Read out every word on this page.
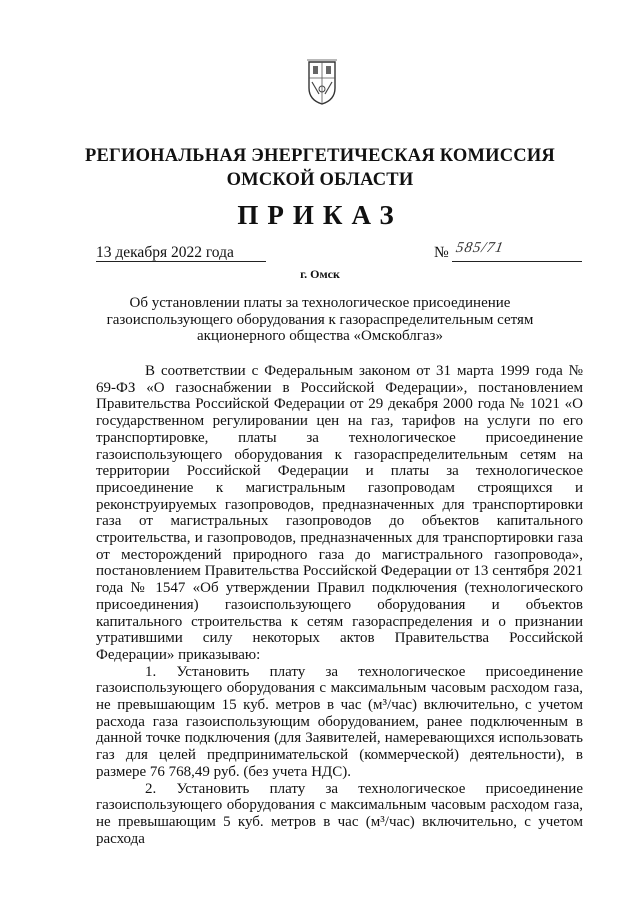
РЕГИОНАЛЬНАЯ ЭНЕРГЕТИЧЕСКАЯ КОМИССИЯ
ОМСКОЙ ОБЛАСТИ
ПРИКАЗ
13 декабря 2022 года	№ 585/71
г. Омск
Об установлении платы за технологическое присоединение газоиспользующего оборудования к газораспределительным сетям акционерного общества «Омскоблгаз»

В соответствии с Федеральным законом от 31 марта 1999 года № 69-ФЗ «О газоснабжении в Российской Федерации», постановлением Правительства Российской Федерации от 29 декабря 2000 года № 1021 «О государственном регулировании цен на газ, тарифов на услуги по его транспортировке, платы за технологическое присоединение газоиспользующего оборудования к газораспределительным сетям на территории Российской Федерации и платы за технологическое присоединение к магистральным газопроводам строящихся и реконструируемых газопроводов, предназначенных для транспортировки газа от магистральных газопроводов до объектов капитального строительства, и газопроводов, предназначенных для транспортировки газа от месторождений природного газа до магистрального газопровода», постановлением Правительства Российской Федерации от 13 сентября 2021 года № 1547 «Об утверждении Правил подключения (технологического присоединения) газоиспользующего оборудования и объектов капитального строительства к сетям газораспределения и о признании утратившими силу некоторых актов Правительства Российской Федерации» приказываю:

1. Установить плату за технологическое присоединение газоиспользующего оборудования с максимальным часовым расходом газа, не превышающим 15 куб. метров в час (м³/час) включительно, с учетом расхода газа газоиспользующим оборудованием, ранее подключенным в данной точке подключения (для Заявителей, намеревающихся использовать газ для целей предпринимательской (коммерческой) деятельности), в размере 76 768,49 руб. (без учета НДС).

2. Установить плату за технологическое присоединение газоиспользующего оборудования с максимальным часовым расходом газа, не превышающим 5 куб. метров в час (м³/час) включительно, с учетом расхода
